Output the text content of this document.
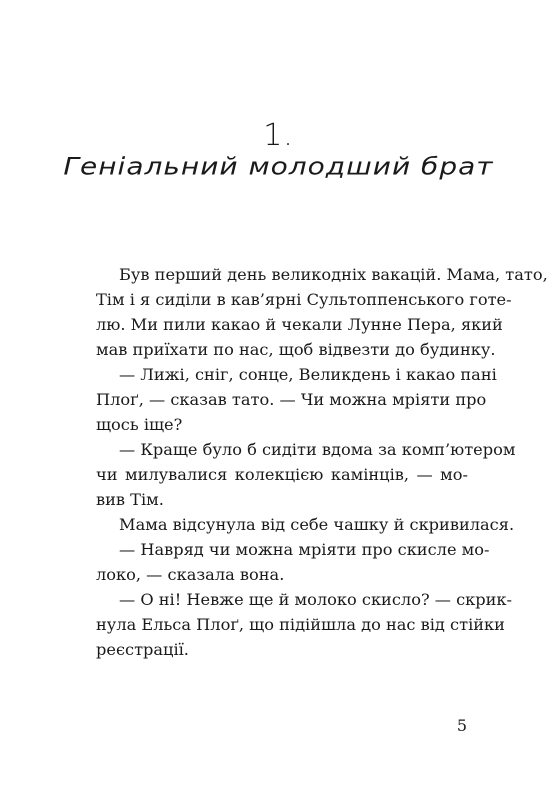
1.
Геніальний молодший брат
Був перший день великодніх вакацій. Мама, тато,
Тім і я сиділи в кав’ярні Сультоппенського готе-
лю. Ми пили какао й чекали Лунне Пера, який
мав приїхати по нас, щоб відвезти до будинку.
— Лижі, сніг, сонце, Великдень і какао пані
Плоґ, — сказав тато. — Чи можна мріяти про
щось іще?
— Краще було б сидіти вдома за комп’ютером
чи милувалися колекцією камінців, — мо-
вив Тім.
Мама відсунула від себе чашку й скривилася.
— Навряд чи можна мріяти про скисле мо-
локо, — сказала вона.
— О ні! Невже ще й молоко скисло? — скрик-
нула Ельса Плоґ, що підійшла до нас від стійки
реєстрації.
5
